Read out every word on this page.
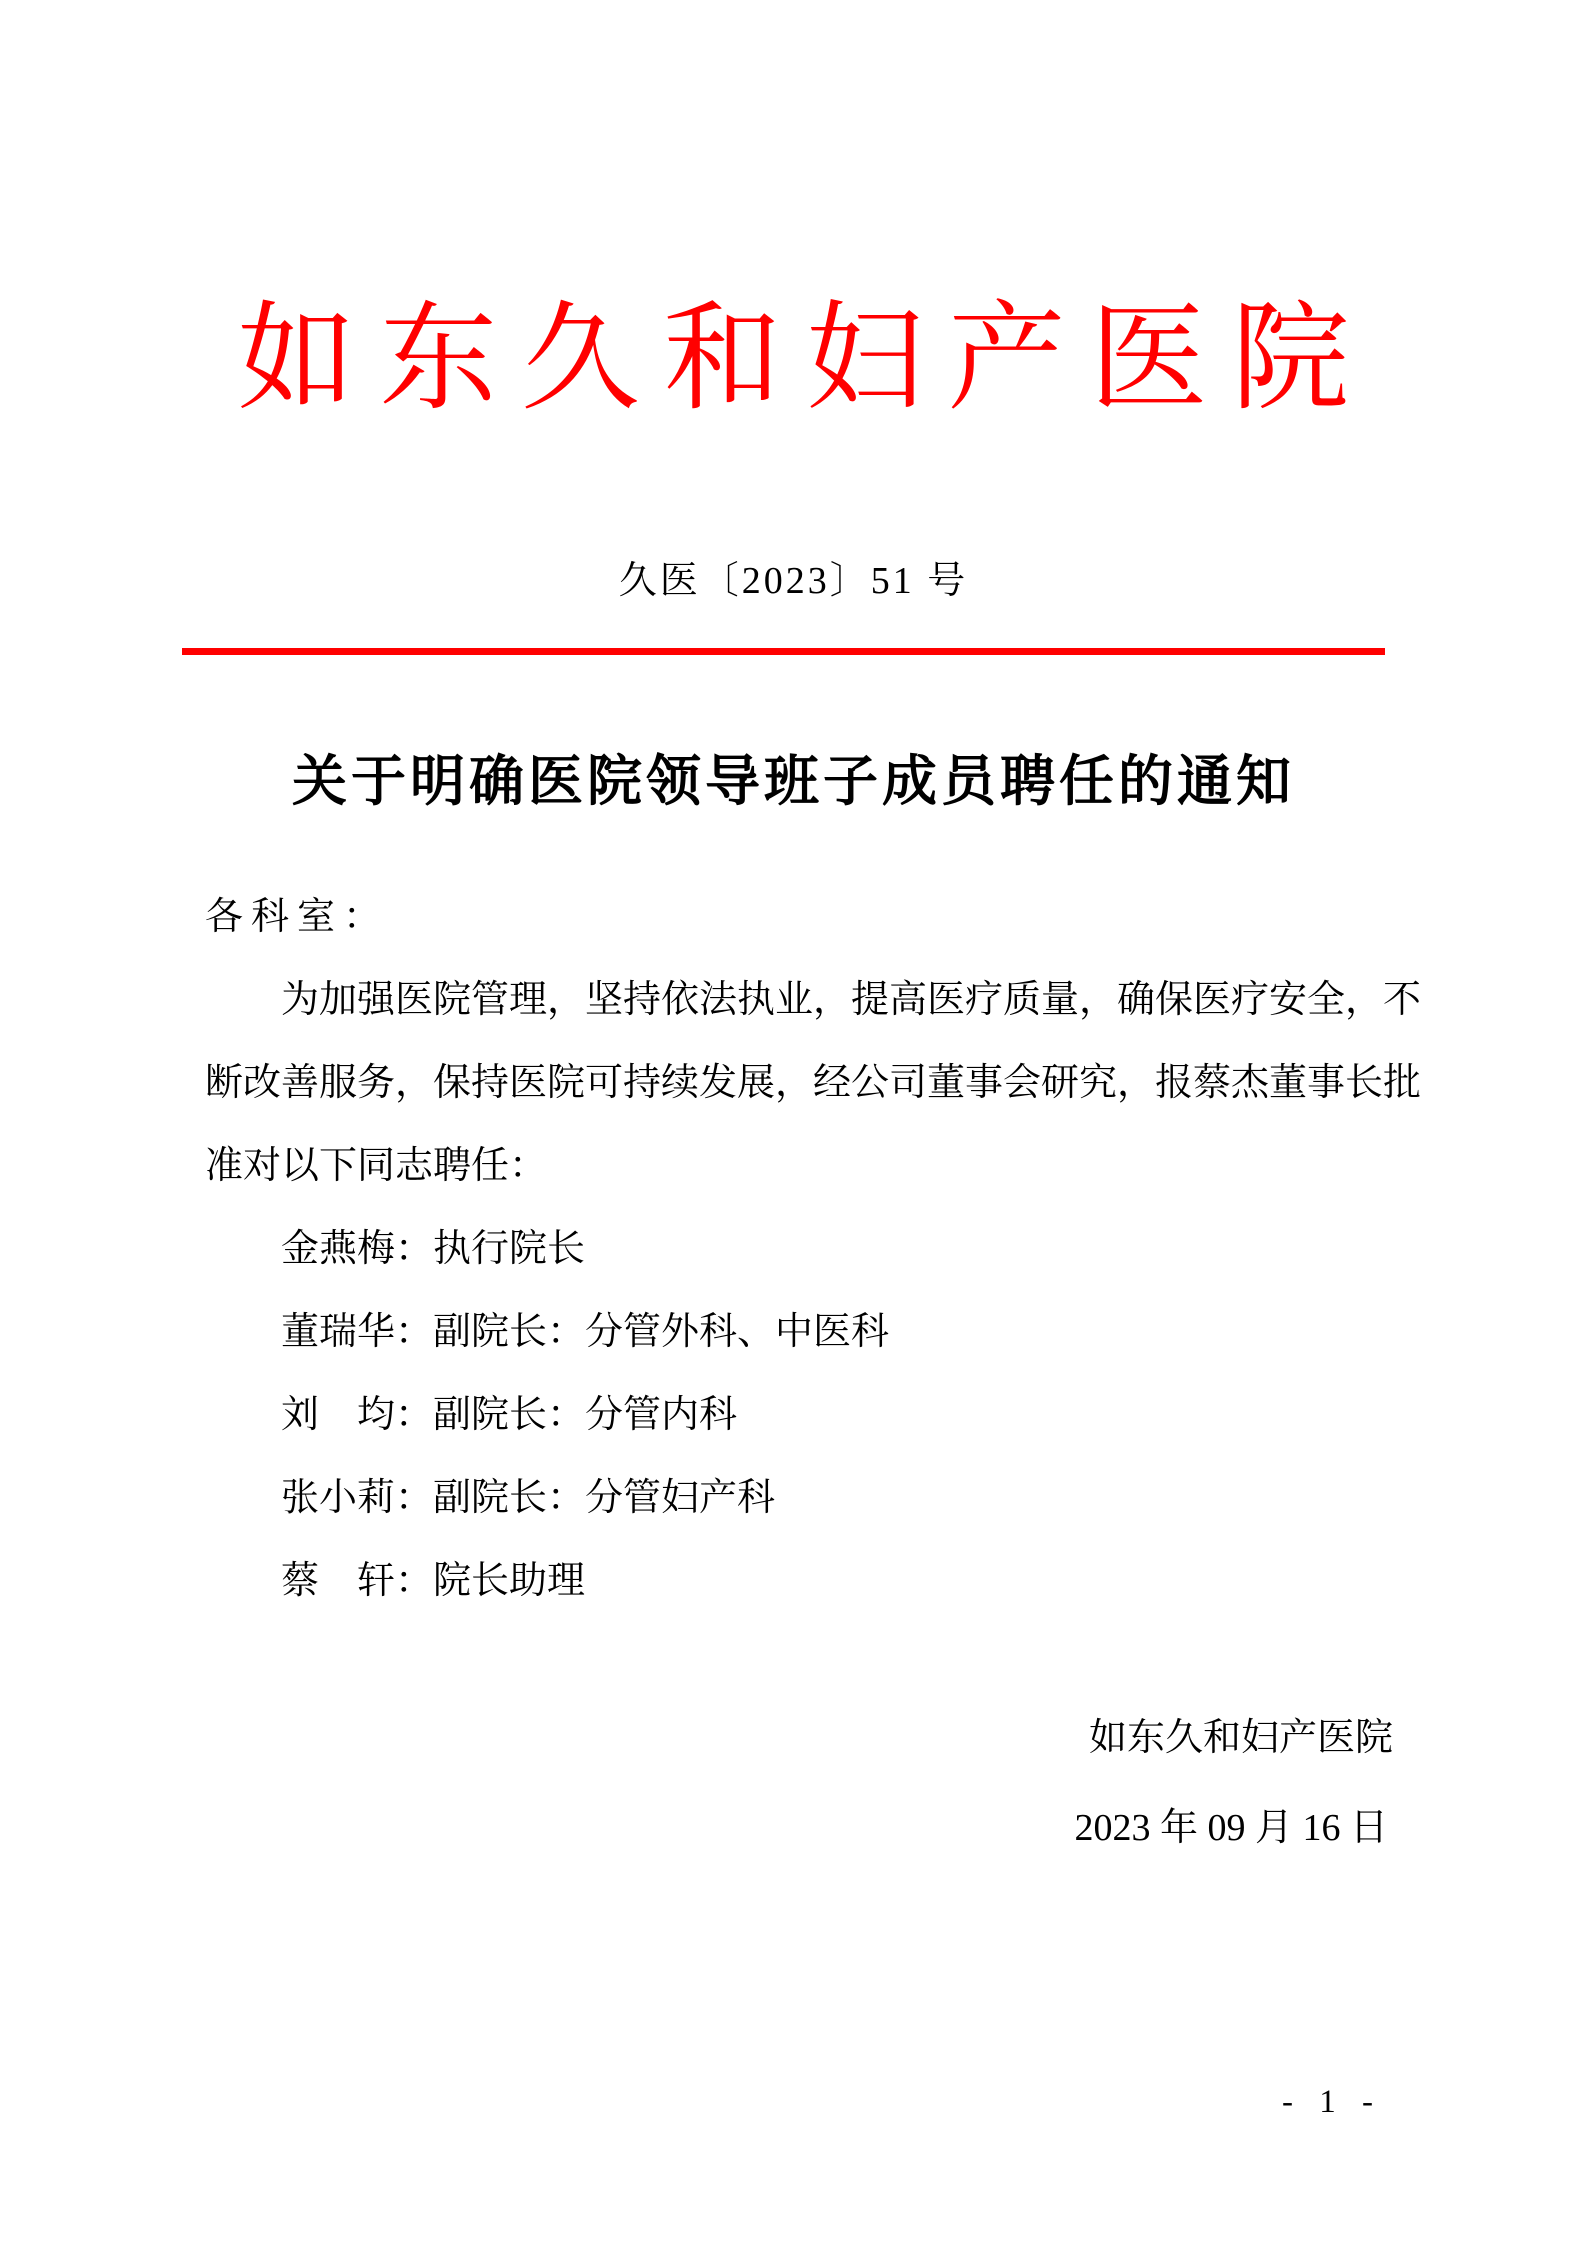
如东久和妇产医院
久医〔2023〕51 号
关于明确医院领导班子成员聘任的通知
各科室：
为加强医院管理，坚持依法执业，提高医疗质量，确保医疗安全，不
断改善服务，保持医院可持续发展，经公司董事会研究，报蔡杰董事长批
准对以下同志聘任：
金燕梅：执行院长
董瑞华：副院长：分管外科、中医科
刘　均：副院长：分管内科
张小莉：副院长：分管妇产科
蔡　轩：院长助理
如东久和妇产医院
2023 年 09 月 16 日
- 1 -
